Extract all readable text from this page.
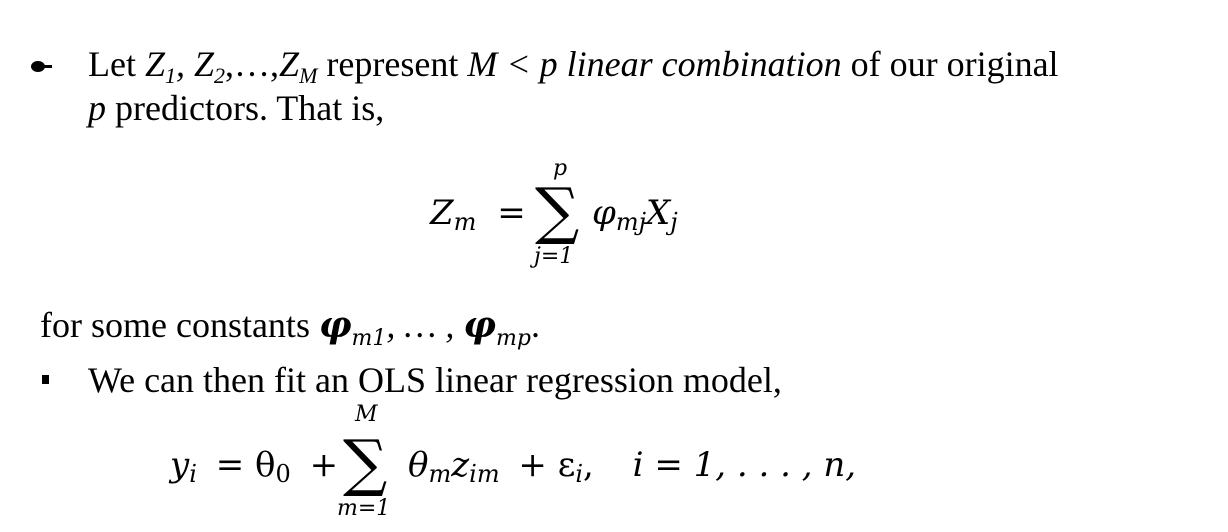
Let $Z_1$, $Z_2,\dots,Z_M$ represent M < p linear combination of our original
p predictors. That is,
Zm =
p
∑
j=1
φmjXj
for some constants $\varphi_{m1}$, … , $\varphi_{mp}$.
We can then fit an OLS linear regression model,
yi = θ0 +
M
∑
m=1
θmzim + εi, i = 1, . . . , n,
